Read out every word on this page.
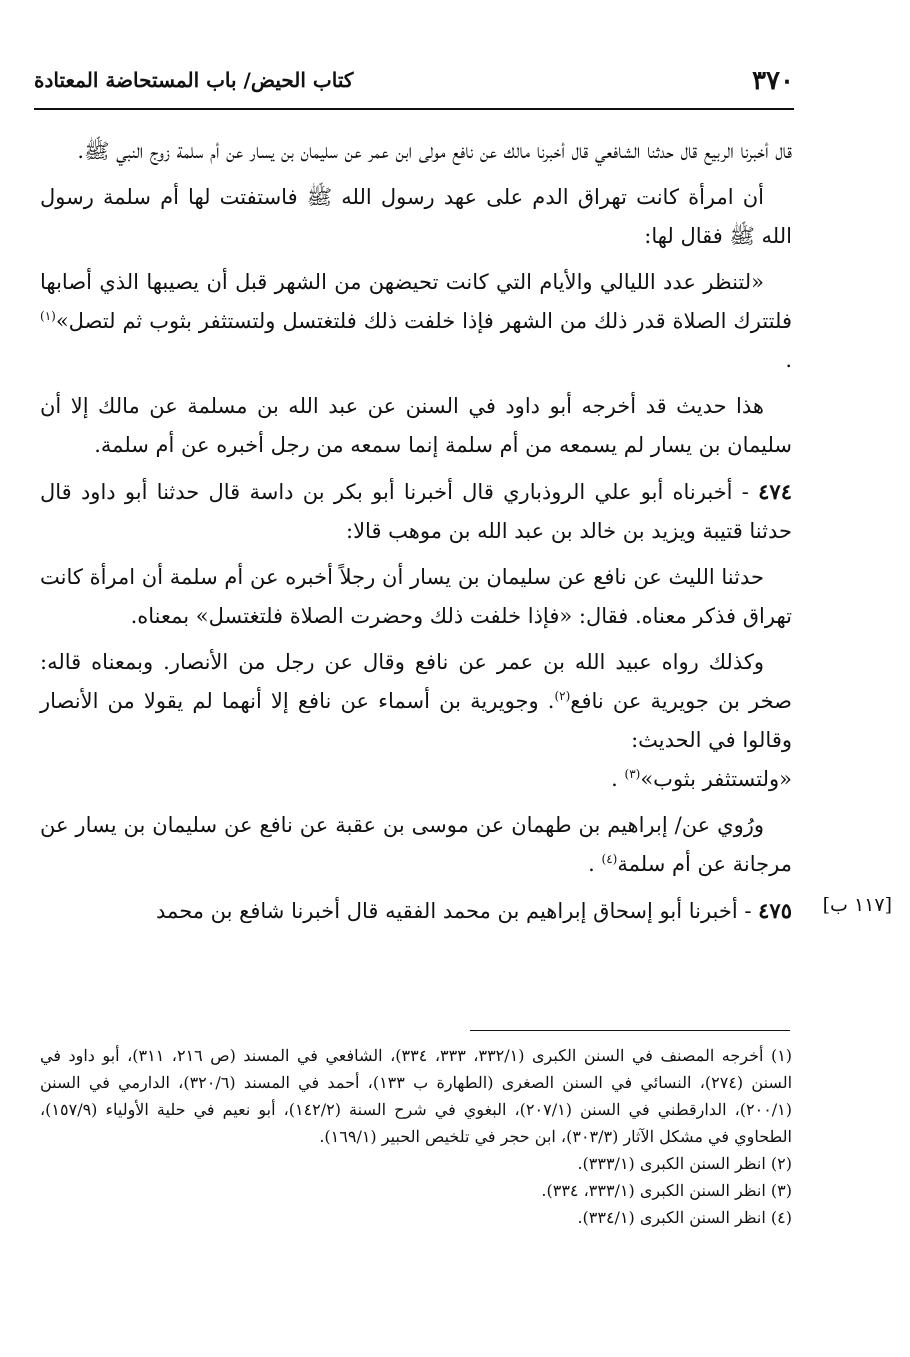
٣٧٠
كتاب الحيض/ باب المستحاضة المعتادة

قال أخبرنا الربيع قال حدثنا الشافعي قال أخبرنا مالك عن نافع مولى ابن عمر عن سليمان بن يسار عن أم سلمة زوج النبي ﷺ.

أن امرأة كانت تهراق الدم على عهد رسول الله ﷺ فاستفتت لها أم سلمة رسول الله ﷺ فقال لها:

«لتنظر عدد الليالي والأيام التي كانت تحيضهن من الشهر قبل أن يصيبها الذي أصابها فلتترك الصلاة قدر ذلك من الشهر فإذا خلفت ذلك فلتغتسل ولتستثفر بثوب ثم لتصل»$^{(١)}$ .

هذا حديث قد أخرجه أبو داود في السنن عن عبد الله بن مسلمة عن مالك إلا أن سليمان بن يسار لم يسمعه من أم سلمة إنما سمعه من رجل أخبره عن أم سلمة.

٤٧٤ - أخبرناه أبو علي الروذباري قال أخبرنا أبو بكر بن داسة قال حدثنا أبو داود قال حدثنا قتيبة ويزيد بن خالد بن عبد الله بن موهب قالا:

حدثنا الليث عن نافع عن سليمان بن يسار أن رجلاً أخبره عن أم سلمة أن امرأة كانت تهراق فذكر معناه. فقال: «فإذا خلفت ذلك وحضرت الصلاة فلتغتسل» بمعناه.

وكذلك رواه عبيد الله بن عمر عن نافع وقال عن رجل من الأنصار. وبمعناه قاله: صخر بن جويرية عن نافع$^{(٢)}$. وجويرية بن أسماء عن نافع إلا أنهما لم يقولا من الأنصار وقالوا في الحديث:
«ولتستثفر بثوب»$^{(٣)}$ .

ورُوي عن/ إبراهيم بن طهمان عن موسى بن عقبة عن نافع عن سليمان بن يسار عن مرجانة عن أم سلمة$^{(٤)}$ .

٤٧٥ - أخبرنا أبو إسحاق إبراهيم بن محمد الفقيه قال أخبرنا شافع بن محمد	[١١٧ ب]

(١) أخرجه المصنف في السنن الكبرى (٣٣٢/١، ٣٣٣، ٣٣٤)، الشافعي في المسند (ص ٢١٦، ٣١١)، أبو داود في السنن (٢٧٤)، النسائي في السنن الصغرى (الطهارة ب ١٣٣)، أحمد في المسند (٣٢٠/٦)، الدارمي في السنن (٢٠٠/١)، الدارقطني في السنن (٢٠٧/١)، البغوي في شرح السنة (١٤٢/٢)، أبو نعيم في حلية الأولياء (١٥٧/٩)، الطحاوي في مشكل الآثار (٣٠٣/٣)، ابن حجر في تلخيص الحبير (١٦٩/١).

(٢) انظر السنن الكبرى (٣٣٣/١).

(٣) انظر السنن الكبرى (٣٣٣/١، ٣٣٤).

(٤) انظر السنن الكبرى (٣٣٤/١).
